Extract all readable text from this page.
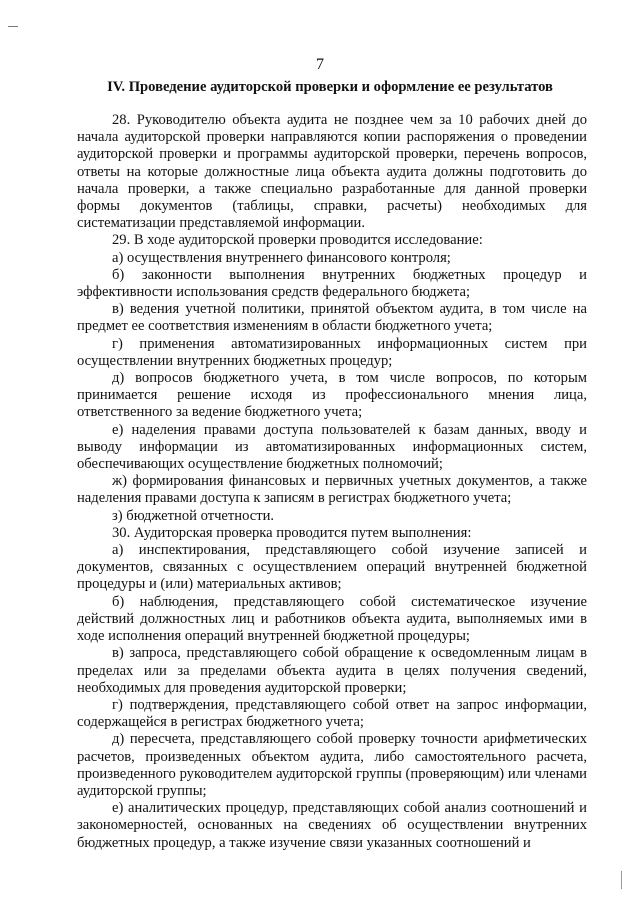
7
IV. Проведение аудиторской проверки и оформление ее результатов

28. Руководителю объекта аудита не позднее чем за 10 рабочих дней до начала аудиторской проверки направляются копии распоряжения о проведении аудиторской проверки и программы аудиторской проверки, перечень вопросов, ответы на которые должностные лица объекта аудита должны подготовить до начала проверки, а также специально разработанные для данной проверки формы документов (таблицы, справки, расчеты) необходимых для систематизации представляемой информации.

29. В ходе аудиторской проверки проводится исследование:

а) осуществления внутреннего финансового контроля;

б) законности выполнения внутренних бюджетных процедур и эффективности использования средств федерального бюджета;

в) ведения учетной политики, принятой объектом аудита, в том числе на предмет ее соответствия изменениям в области бюджетного учета;

г) применения автоматизированных информационных систем при осуществлении внутренних бюджетных процедур;

д) вопросов бюджетного учета, в том числе вопросов, по которым принимается решение исходя из профессионального мнения лица, ответственного за ведение бюджетного учета;

е) наделения правами доступа пользователей к базам данных, вводу и выводу информации из автоматизированных информационных систем, обеспечивающих осуществление бюджетных полномочий;

ж) формирования финансовых и первичных учетных документов, а также наделения правами доступа к записям в регистрах бюджетного учета;

з) бюджетной отчетности.

30. Аудиторская проверка проводится путем выполнения:

а) инспектирования, представляющего собой изучение записей и документов, связанных с осуществлением операций внутренней бюджетной процедуры и (или) материальных активов;

б) наблюдения, представляющего собой систематическое изучение действий должностных лиц и работников объекта аудита, выполняемых ими в ходе исполнения операций внутренней бюджетной процедуры;

в) запроса, представляющего собой обращение к осведомленным лицам в пределах или за пределами объекта аудита в целях получения сведений, необходимых для проведения аудиторской проверки;

г) подтверждения, представляющего собой ответ на запрос информации, содержащейся в регистрах бюджетного учета;

д) пересчета, представляющего собой проверку точности арифметических расчетов, произведенных объектом аудита, либо самостоятельного расчета, произведенного руководителем аудиторской группы (проверяющим) или членами аудиторской группы;

е) аналитических процедур, представляющих собой анализ соотношений и закономерностей, основанных на сведениях об осуществлении внутренних бюджетных процедур, а также изучение связи указанных соотношений и
